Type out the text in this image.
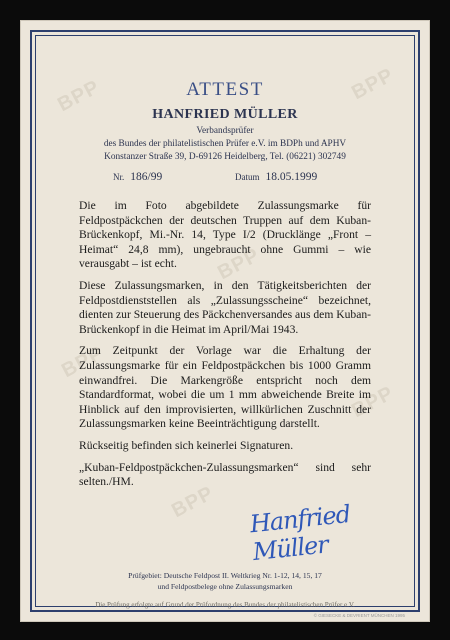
BPP	BPP
BPP
BPP
BPP
BPP
ATTEST
HANFRIED MÜLLER
Verbandsprüfer
des Bundes der philatelistischen Prüfer e.V. im BDPh und APHV
Konstanzer Straße 39, D-69126 Heidelberg, Tel. (06221) 302749
Nr. 186/99	Datum 18.05.1999

Die im Foto abgebildete Zulassungsmarke für Feldpostpäckchen der deutschen Truppen auf dem Kuban-Brückenkopf, Mi.-Nr. 14, Type I/2 (Drucklänge „Front – Heimat“ 24,8 mm), ungebraucht ohne Gummi – wie verausgabt – ist echt.

Diese Zulassungsmarken, in den Tätigkeitsberichten der Feldpostdienststellen als „Zulassungsscheine“ bezeichnet, dienten zur Steuerung des Päckchenversandes aus dem Kuban-Brückenkopf in die Heimat im April/Mai 1943.

Zum Zeitpunkt der Vorlage war die Erhaltung der Zulassungsmarke für ein Feldpostpäckchen bis 1000 Gramm einwandfrei. Die Markengröße entspricht noch dem Standardformat, wobei die um 1 mm abweichende Breite im Hinblick auf den improvisierten, willkürlichen Zuschnitt der Zulassungsmarken keine Beeinträchtigung darstellt.

Rückseitig befinden sich keinerlei Signaturen.

„Kuban-Feldpostpäckchen-Zulassungsmarken“ sind sehr selten./HM.

Hanfried Müller
Prüfgebiet: Deutsche Feldpost II. Weltkrieg Nr. 1-12, 14, 15, 17
und Feldpostbelege ohne Zulassungsmarken
Die Prüfung erfolgte auf Grund der Prüfordnung des Bundes der philatelistischen Prüfer e.V.
© GIESECKE & DEVRIENT MÜNCHEN 1995
